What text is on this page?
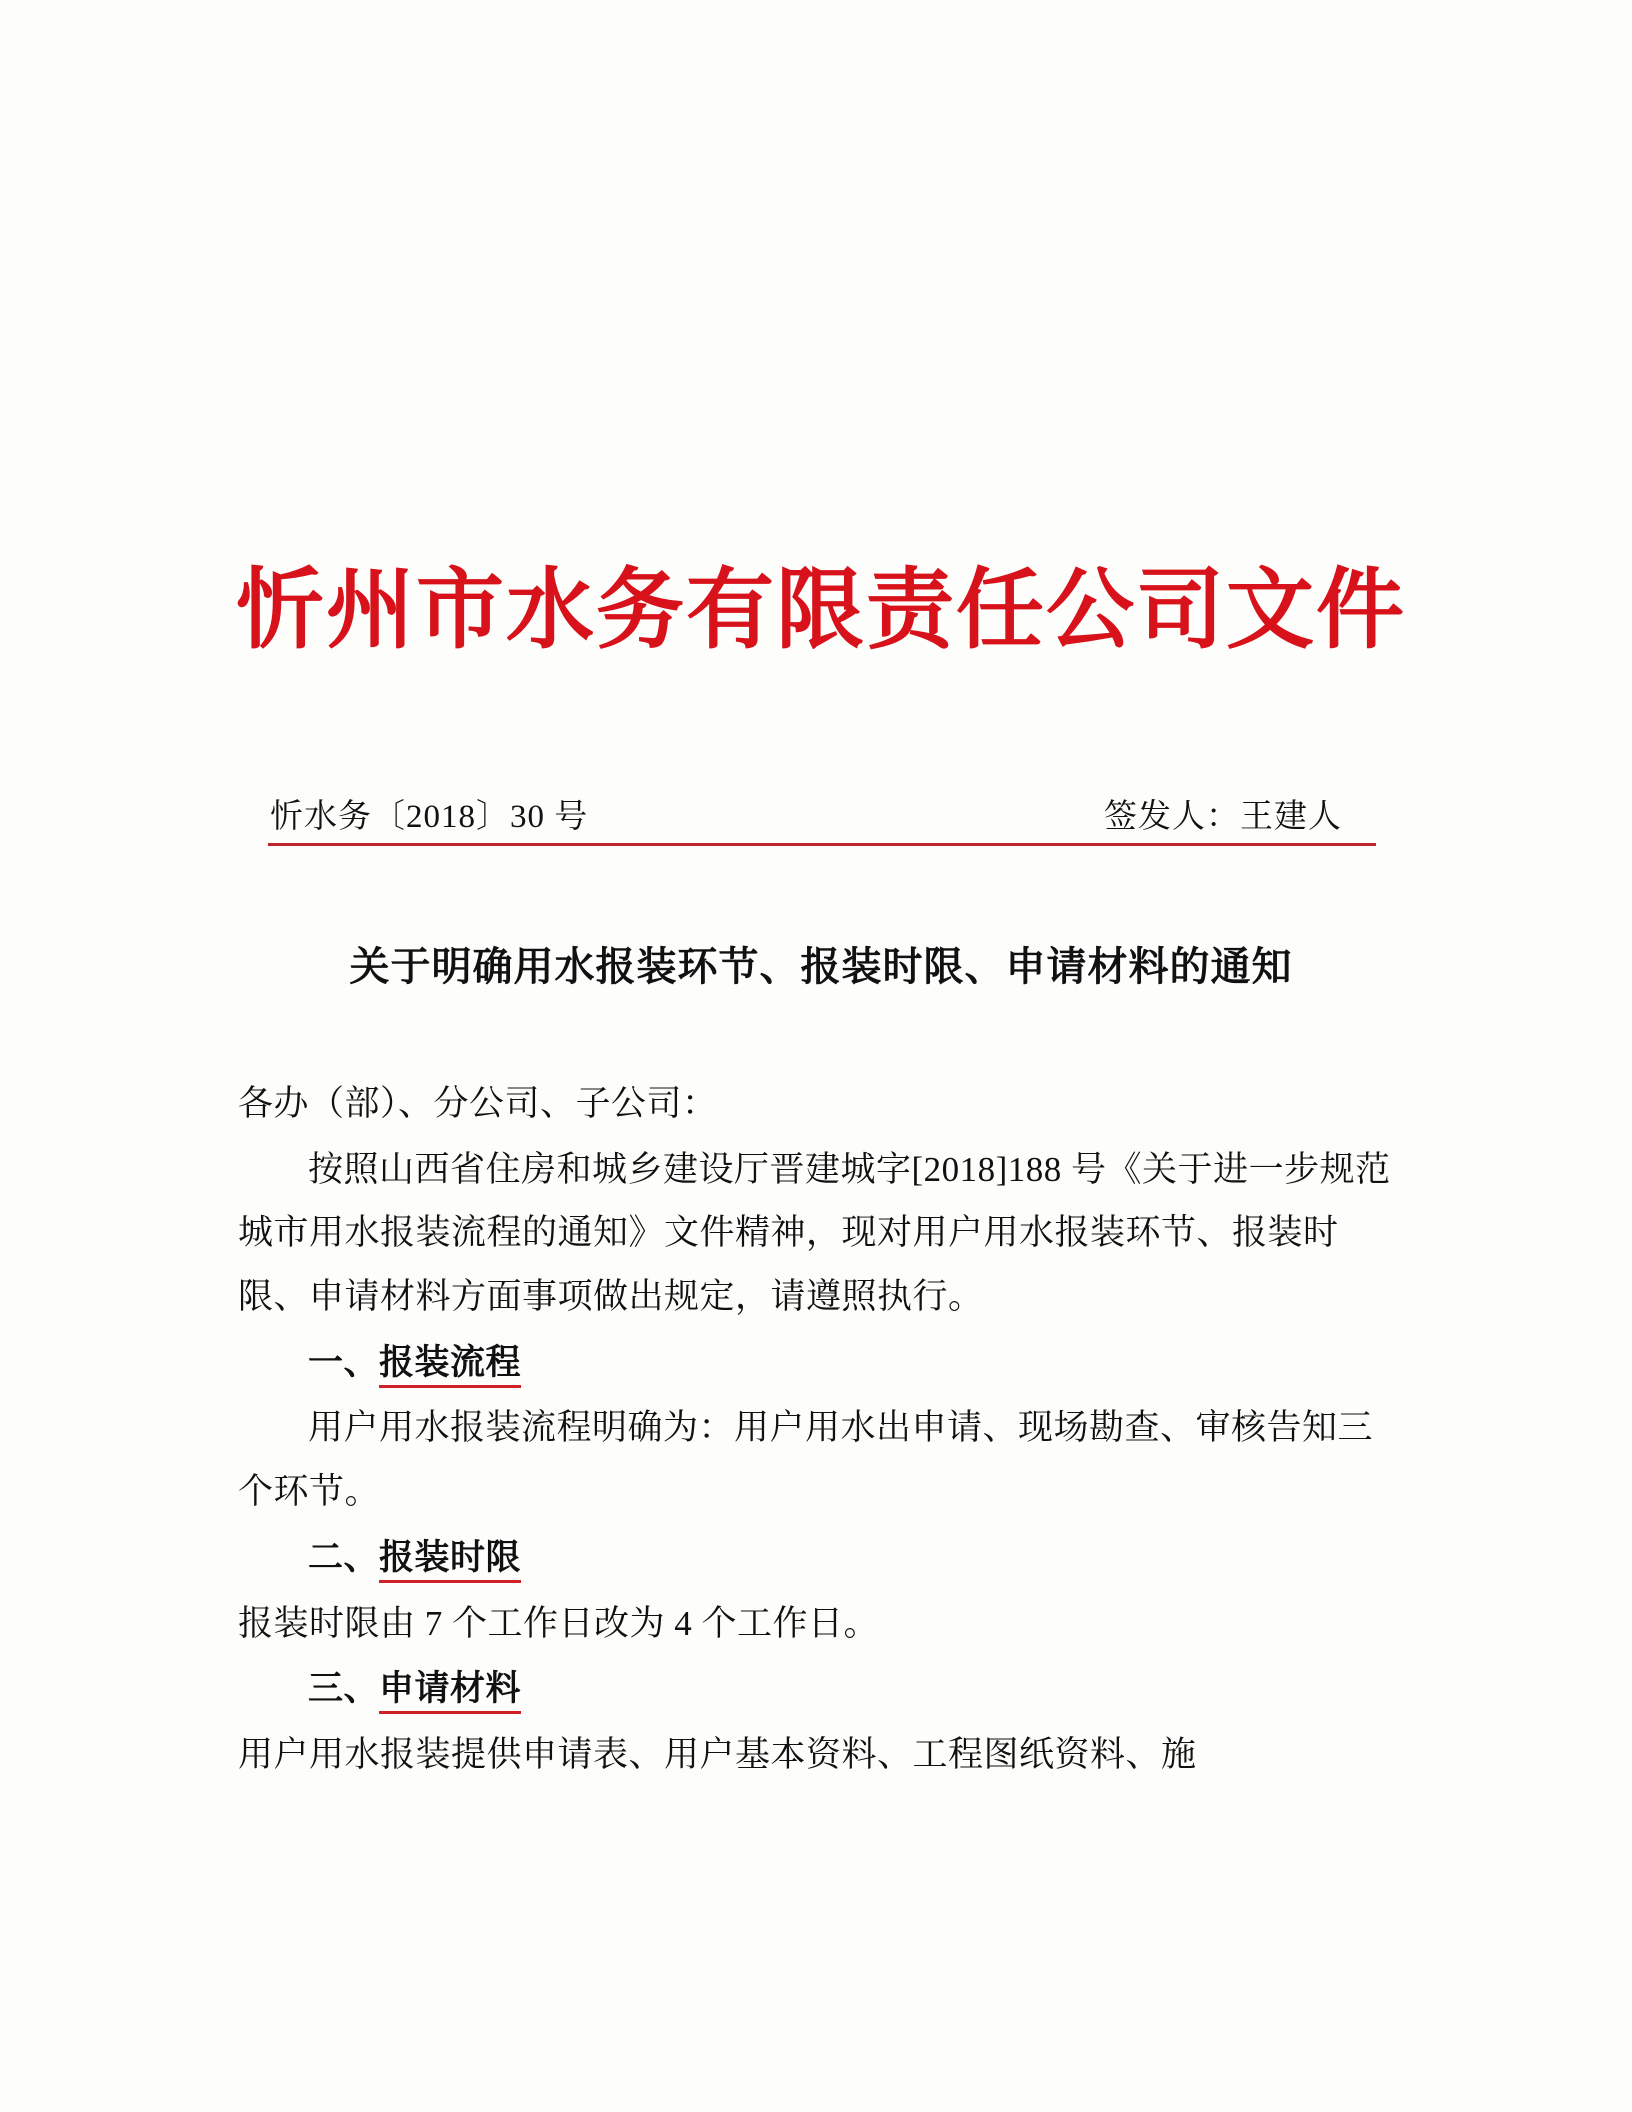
忻州市水务有限责任公司文件
忻水务〔2018〕30 号	签发人：王建人
关于明确用水报装环节、报装时限、申请材料的通知

各办（部）、分公司、子公司：

按照山西省住房和城乡建设厅晋建城字[2018]188 号《关于进一步规范城市用水报装流程的通知》文件精神，现对用户用水报装环节、报装时限、申请材料方面事项做出规定，请遵照执行。

一、报装流程

用户用水报装流程明确为：用户用水出申请、现场勘查、审核告知三个环节。

二、报装时限

报装时限由 7 个工作日改为 4 个工作日。

三、申请材料

用户用水报装提供申请表、用户基本资料、工程图纸资料、施
